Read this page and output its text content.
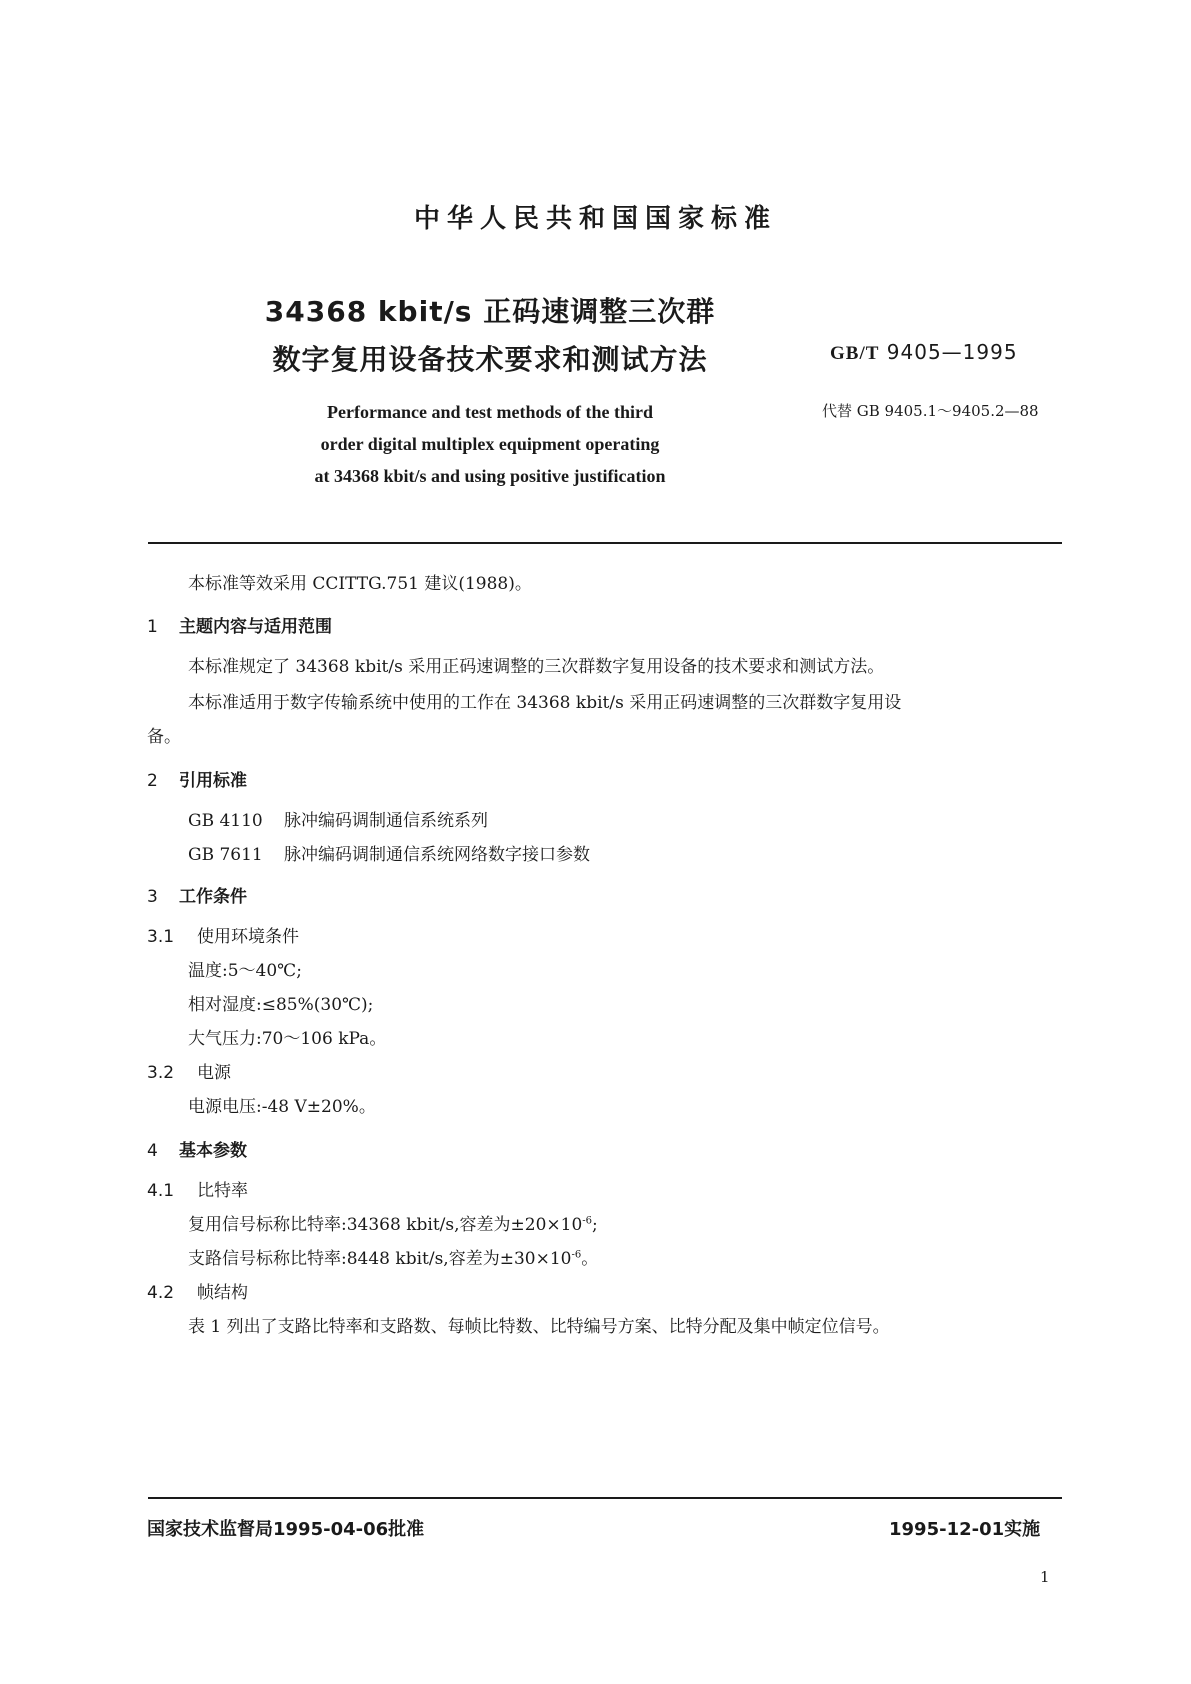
中华人民共和国国家标准
34368 kbit/s 正码速调整三次群
数字复用设备技术要求和测试方法	GB/T 9405—1995
代替 GB 9405.1～9405.2—88
Performance and test methods of the third
order digital multiplex equipment operating
at 34368 kbit/s and using positive justification
本标准等效采用 CCITTG.751 建议(1988)。
1 主题内容与适用范围
本标准规定了 34368 kbit/s 采用正码速调整的三次群数字复用设备的技术要求和测试方法。
本标准适用于数字传输系统中使用的工作在 34368 kbit/s 采用正码速调整的三次群数字复用设
备。
2 引用标准
GB 4110 脉冲编码调制通信系统系列
GB 7611 脉冲编码调制通信系统网络数字接口参数
3 工作条件
3.1 使用环境条件
温度:5～40℃;
相对湿度:≤85%(30℃);
大气压力:70～106 kPa。
3.2 电源
电源电压:-48 V±20%。
4 基本参数
4.1 比特率
复用信号标称比特率:34368 kbit/s,容差为$\pm 20\times 10^{-6}$;
支路信号标称比特率:8448 kbit/s,容差为$\pm 30\times 10^{-6}$。
4.2 帧结构
表 1 列出了支路比特率和支路数、每帧比特数、比特编号方案、比特分配及集中帧定位信号。
国家技术监督局1995-04-06批准	1995-12-01实施
1
